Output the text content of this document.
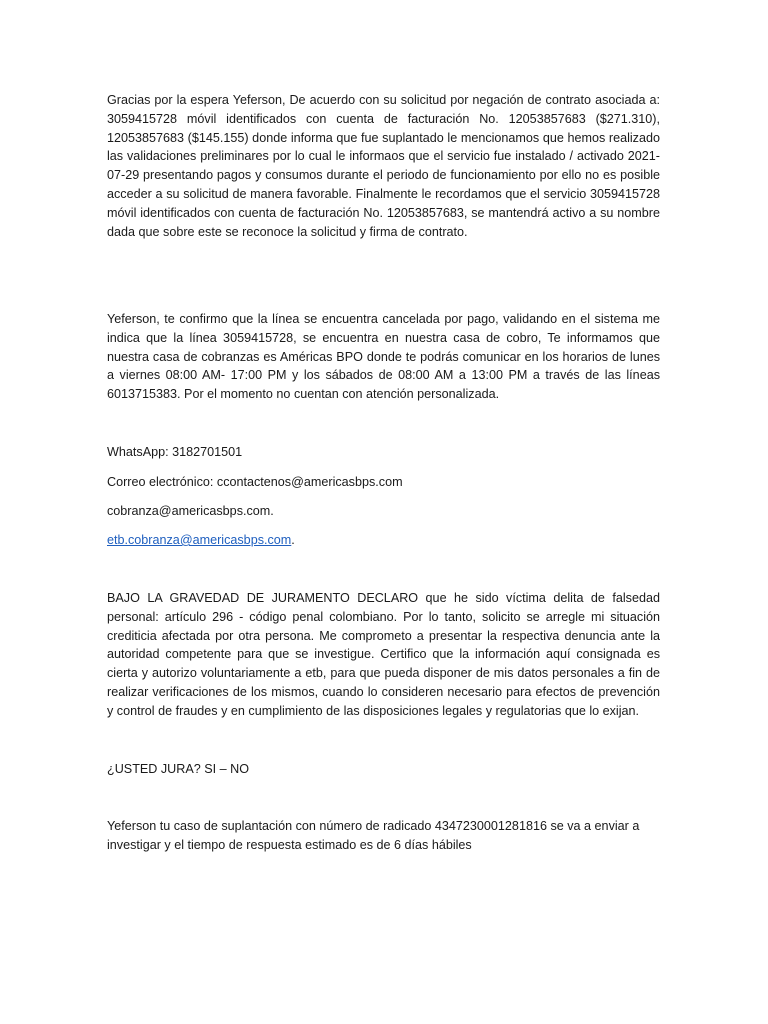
Gracias por la espera Yeferson, De acuerdo con su solicitud por negación de contrato asociada a: 3059415728 móvil identificados con cuenta de facturación No. 12053857683 ($271.310), 12053857683 ($145.155) donde informa que fue suplantado le mencionamos que hemos realizado las validaciones preliminares por lo cual le informaos que el servicio fue instalado / activado 2021-07-29 presentando pagos y consumos durante el periodo de funcionamiento por ello no es posible acceder a su solicitud de manera favorable. Finalmente le recordamos que el servicio 3059415728 móvil identificados con cuenta de facturación No. 12053857683, se mantendrá activo a su nombre dada que sobre este se reconoce la solicitud y firma de contrato.

Yeferson, te confirmo que la línea se encuentra cancelada por pago, validando en el sistema me indica que la línea 3059415728, se encuentra en nuestra casa de cobro, Te informamos que nuestra casa de cobranzas es Américas BPO donde te podrás comunicar en los horarios de lunes a viernes 08:00 AM- 17:00 PM y los sábados de 08:00 AM a 13:00 PM a través de las líneas 6013715383. Por el momento no cuentan con atención personalizada.

WhatsApp: 3182701501

Correo electrónico: ccontactenos@americasbps.com

cobranza@americasbps.com.

etb.cobranza@americasbps.com.

BAJO LA GRAVEDAD DE JURAMENTO DECLARO que he sido víctima delita de falsedad personal: artículo 296 - código penal colombiano. Por lo tanto, solicito se arregle mi situación crediticia afectada por otra persona. Me comprometo a presentar la respectiva denuncia ante la autoridad competente para que se investigue. Certifico que la información aquí consignada es cierta y autorizo voluntariamente a etb, para que pueda disponer de mis datos personales a fin de realizar verificaciones de los mismos, cuando lo consideren necesario para efectos de prevención y control de fraudes y en cumplimiento de las disposiciones legales y regulatorias que lo exijan.

¿USTED JURA? SI – NO

Yeferson tu caso de suplantación con número de radicado 4347230001281816 se va a enviar a investigar y el tiempo de respuesta estimado es de 6 días hábiles
